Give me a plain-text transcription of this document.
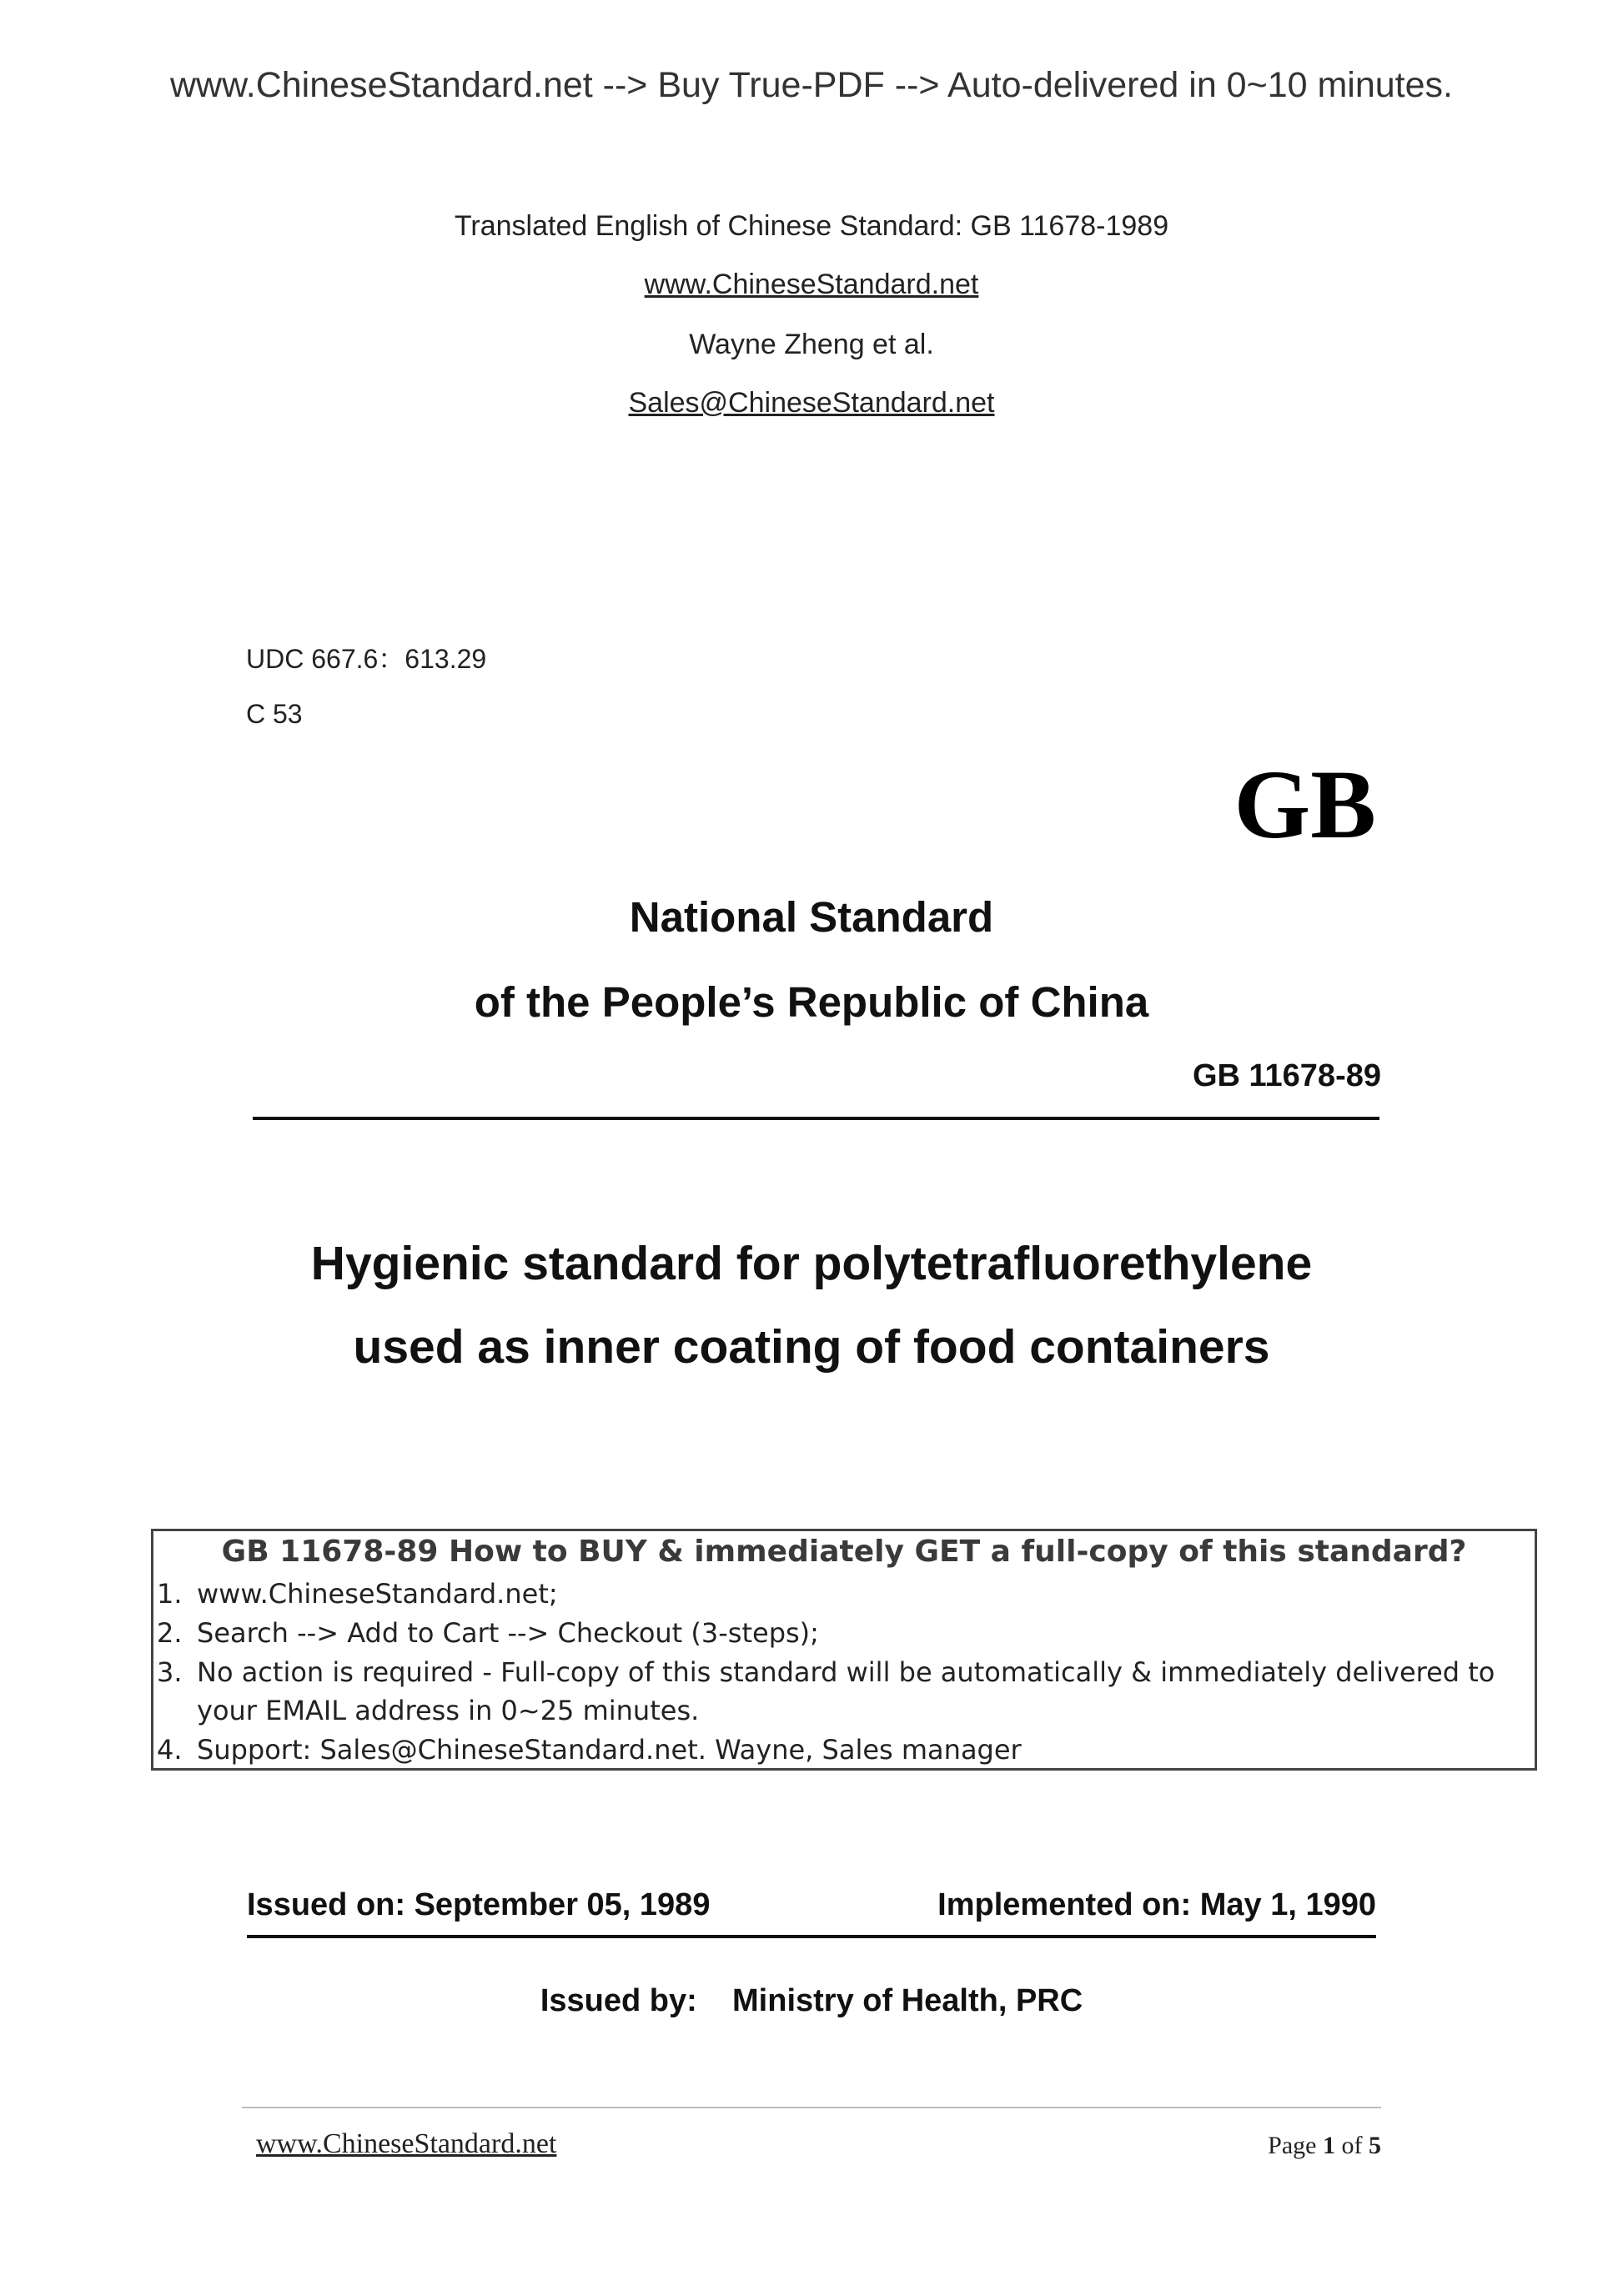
www.ChineseStandard.net --> Buy True-PDF --> Auto-delivered in 0~10 minutes.
Translated English of Chinese Standard: GB 11678-1989
www.ChineseStandard.net
Wayne Zheng et al.
Sales@ChineseStandard.net
UDC 667.6：613.29
C 53
GB
National Standard
of the People’s Republic of China
GB 11678-89
Hygienic standard for polytetrafluorethylene
used as inner coating of food containers
GB 11678-89 How to BUY & immediately GET a full-copy of this standard?
1. www.ChineseStandard.net;
2. Search --> Add to Cart --> Checkout (3-steps);
3. No action is required - Full-copy of this standard will be automatically & immediately delivered to
your EMAIL address in 0~25 minutes.
4. Support: Sales@ChineseStandard.net. Wayne, Sales manager
Issued on: September 05, 1989	Implemented on: May 1, 1990
Issued by: Ministry of Health, PRC
www.ChineseStandard.net	Page 1 of 5
